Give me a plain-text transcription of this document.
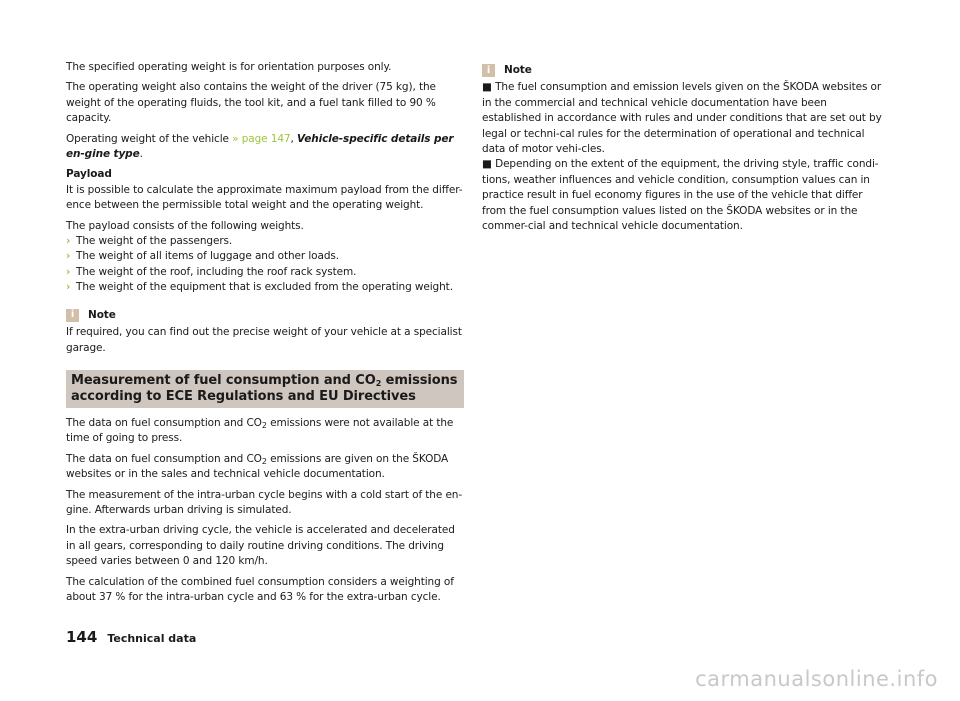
The specified operating weight is for orientation purposes only.

The operating weight also contains the weight of the driver (75 kg), the weight of the operating fluids, the tool kit, and a fuel tank filled to 90 % capacity.

Operating weight of the vehicle » page 147, Vehicle-specific details per en-gine type.

Payload

It is possible to calculate the approximate maximum payload from the differ-ence between the permissible total weight and the operating weight.

The payload consists of the following weights.
› The weight of the passengers.
› The weight of all items of luggage and other loads.
› The weight of the roof, including the roof rack system.
› The weight of the equipment that is excluded from the operating weight.
i	Note

If required, you can find out the precise weight of your vehicle at a specialist garage.

Measurement of fuel consumption and $CO_2$ emissions according to ECE Regulations and EU Directives

The data on fuel consumption and $CO_2$ emissions were not available at the time of going to press.

The data on fuel consumption and $CO_2$ emissions are given on the ŠKODA websites or in the sales and technical vehicle documentation.

The measurement of the intra-urban cycle begins with a cold start of the en-gine. Afterwards urban driving is simulated.

In the extra-urban driving cycle, the vehicle is accelerated and decelerated in all gears, corresponding to daily routine driving conditions. The driving speed varies between 0 and 120 km/h.

The calculation of the combined fuel consumption considers a weighting of about 37 % for the intra-urban cycle and 63 % for the extra-urban cycle.

i	Note
■ The fuel consumption and emission levels given on the ŠKODA websites or in the commercial and technical vehicle documentation have been established in accordance with rules and under conditions that are set out by legal or techni-cal rules for the determination of operational and technical data of motor vehi-cles.
■ Depending on the extent of the equipment, the driving style, traffic condi-tions, weather influences and vehicle condition, consumption values can in practice result in fuel economy figures in the use of the vehicle that differ from the fuel consumption values listed on the ŠKODA websites or in the commer-cial and technical vehicle documentation.
144 Technical data
carmanualsonline.info
